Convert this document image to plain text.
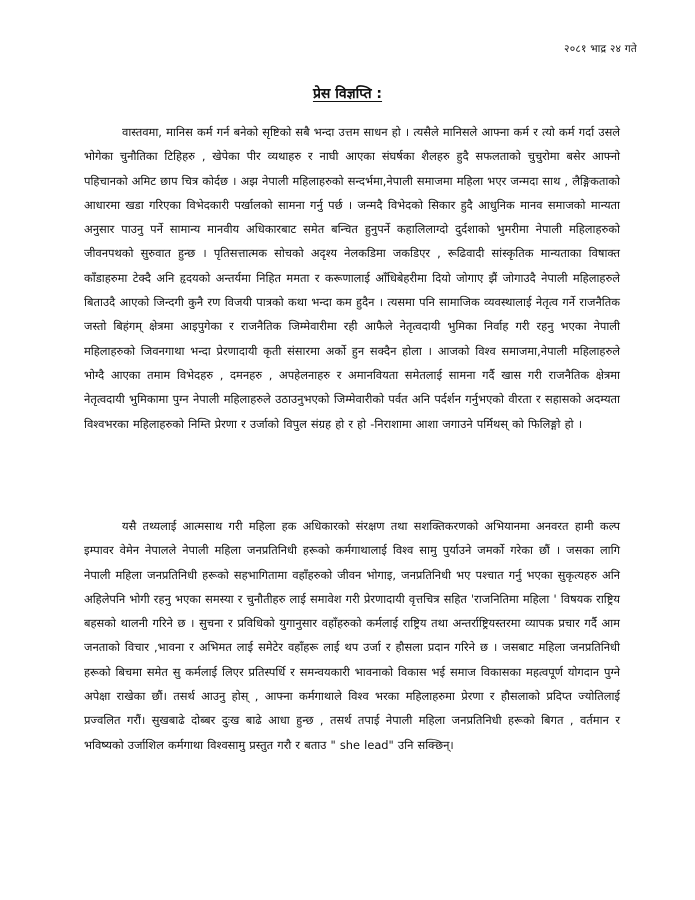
२०८१ भाद्र २४ गते
प्रेस विज्ञप्ति :

वास्तवमा, मानिस कर्म गर्न बनेको सृष्टिको सबै भन्दा उत्तम साधन हो । त्यसैले मानिसले आफ्ना कर्म र त्यो कर्म गर्दा उसले भोगेका चुनौतिका टिहिहरु , खेपेका पीर व्यथाहरु र नाघी आएका संघर्षका शैलहरु हुदै सफलताको चुचुरोमा बसेर आफ्नो पहिचानको अमिट छाप चित्र कोर्दछ । अझ नेपाली महिलाहरुको सन्दर्भमा,नेपाली समाजमा महिला भएर जन्मदा साथ , लैङ्गिकताको आधारमा खडा गरिएका विभेदकारी पर्खालको सामना गर्नु पर्छ । जन्मदै विभेदको सिकार हुदै आधुनिक मानव समाजको मान्यता अनुसार पाउनु पर्ने सामान्य मानवीय अधिकारबाट समेत बन्चित हुनुपर्ने कहालिलाग्दो दुर्दशाको भुमरीमा नेपाली महिलाहरुको जीवनपथको सुरुवात हुन्छ । पृतिसत्तात्मक सोचको अदृश्य नेलकडिमा जकडिएर , रूढिवादी सांस्कृतिक मान्यताका विषाक्त काँडाहरुमा टेक्दै अनि हृदयको अन्तर्यमा निहित ममता र करूणालाई आँधिबेहरीमा दियो जोगाए झैं जोगाउदै नेपाली महिलाहरुले बिताउदै आएको जिन्दगी कुनै रण विजयी पात्रको कथा भन्दा कम हुदैन । त्यसमा पनि सामाजिक व्यवस्थालाई नेतृत्व गर्ने राजनैतिक जस्तो बिहंगम् क्षेत्रमा आइपुगेका र राजनैतिक जिम्मेवारीमा रही आफैले नेतृत्वदायी भुमिका निर्वाह गरी रहनु भएका नेपाली महिलाहरुको जिवनगाथा भन्दा प्रेरणादायी कृती संसारमा अर्को हुन सक्दैन होला । आजको विश्व समाजमा,नेपाली महिलाहरुले भोग्दै आएका तमाम विभेदहरु , दमनहरु , अपहेलनाहरु र अमानवियता समेतलाई सामना गर्दै खास गरी राजनैतिक क्षेत्रमा नेतृत्वदायी भुमिकामा पुग्न नेपाली महिलाहरुले उठाउनुभएको जिम्मेवारीको पर्वत अनि पर्दर्शन गर्नुभएको वीरता र सहासको अदम्यता विश्वभरका महिलाहरुको निम्ति प्रेरणा र उर्जाको विपुल संग्रह हो र हो -निराशामा आशा जगाउने पर्मिथस् को फिलिङ्गो हो ।

यसै तथ्यलाई आत्मसाथ गरी महिला हक अधिकारको संरक्षण तथा सशक्तिकरणको अभियानमा अनवरत हामी कल्प इम्पावर वेमेन नेपालले नेपाली महिला जनप्रतिनिधी हरूको कर्मगाथालाई विश्व सामु पुर्याउने जमर्को गरेका छौं । जसका लागि नेपाली महिला जनप्रतिनिधी हरूको सहभागितामा वहाँहरुको जीवन भोगाइ, जनप्रतिनिधी भए पश्चात गर्नु भएका सुकृत्यहरु अनि अहिलेपनि भोगी रहनु भएका समस्या र चुनौतीहरु लाई समावेश गरी प्रेरणादायी वृत्तचित्र सहित 'राजनितिमा महिला ' विषयक राष्ट्रिय बहसको थालनी गरिने छ । सुचना र प्रविधिको युगानुसार वहाँहरुको कर्मलाई राष्ट्रिय तथा अन्तर्राष्ट्रियस्तरमा व्यापक प्रचार गर्दै आम जनताको विचार ,भावना र अभिमत लाई समेटेर वहाँहरू लाई थप उर्जा र हौसला प्रदान गरिने छ । जसबाट महिला जनप्रतिनिधी हरूको बिचमा समेत सु कर्मलाई लिएर प्रतिस्पर्धि र समन्वयकारी भावनाको विकास भई समाज विकासका महत्वपूर्ण योगदान पुग्ने अपेक्षा राखेका छौं। तसर्थ आउनु होस् , आफ्ना कर्मगाथाले विश्व भरका महिलाहरुमा प्रेरणा र हौसलाको प्रदिप्त ज्योतिलाई प्रज्वलित गरौं। सुखबाढे दोब्बर दुःख बाढे आधा हुन्छ , तसर्थ तपाई नेपाली महिला जनप्रतिनिधी हरूको बिगत , वर्तमान र भविष्यको उर्जाशिल कर्मगाथा विश्वसामु प्रस्तुत गरौ र बताउ " she lead" उनि सक्छिन्।
